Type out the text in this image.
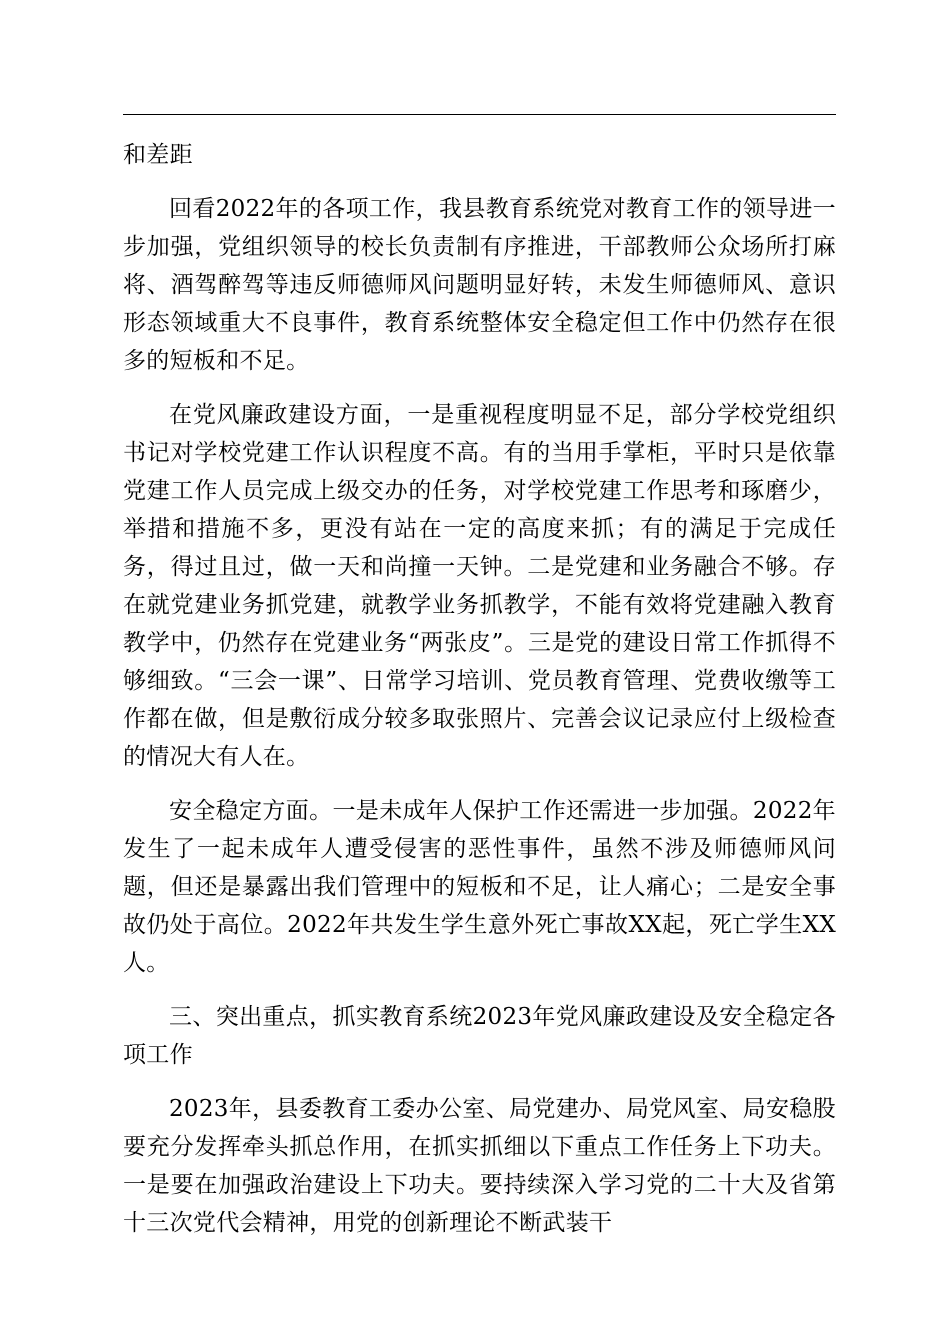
和差距

回看2022年的各项工作，我县教育系统党对教育工作的领导进一步加强，党组织领导的校长负责制有序推进，干部教师公众场所打麻将、酒驾醉驾等违反师德师风问题明显好转，未发生师德师风、意识形态领域重大不良事件，教育系统整体安全稳定但工作中仍然存在很多的短板和不足。

在党风廉政建设方面，一是重视程度明显不足，部分学校党组织书记对学校党建工作认识程度不高。有的当用手掌柜，平时只是依靠党建工作人员完成上级交办的任务，对学校党建工作思考和琢磨少，举措和措施不多，更没有站在一定的高度来抓；有的满足于完成任务，得过且过，做一天和尚撞一天钟。二是党建和业务融合不够。存在就党建业务抓党建，就教学业务抓教学，不能有效将党建融入教育教学中，仍然存在党建业务“两张皮”。三是党的建设日常工作抓得不够细致。“三会一课”、日常学习培训、党员教育管理、党费收缴等工作都在做，但是敷衍成分较多取张照片、完善会议记录应付上级检查的情况大有人在。

安全稳定方面。一是未成年人保护工作还需进一步加强。2022年发生了一起未成年人遭受侵害的恶性事件，虽然不涉及师德师风问题，但还是暴露出我们管理中的短板和不足，让人痛心；二是安全事故仍处于高位。2022年共发生学生意外死亡事故XX起，死亡学生XX人。

三、突出重点，抓实教育系统2023年党风廉政建设及安全稳定各项工作

2023年，县委教育工委办公室、局党建办、局党风室、局安稳股要充分发挥牵头抓总作用，在抓实抓细以下重点工作任务上下功夫。一是要在加强政治建设上下功夫。要持续深入学习党的二十大及省第十三次党代会精神，用党的创新理论不断武装干
